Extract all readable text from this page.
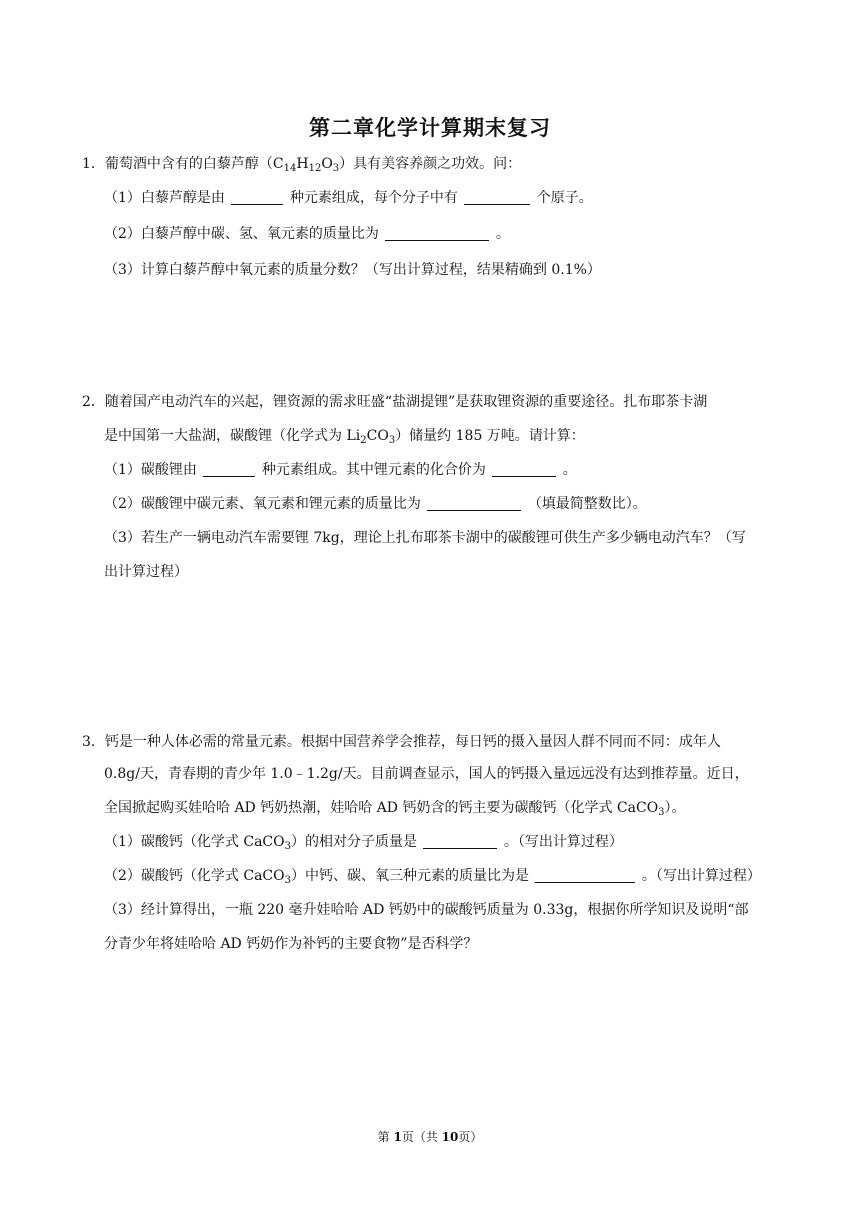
第二章化学计算期末复习
1．葡萄酒中含有的白藜芦醇$(C_{14}H_{12}O_3)$具有美容养颜之功效。问：
（1）白藜芦醇是由	种元素组成，每个分子中有	个原子。
（2）白藜芦醇中碳、氢、氧元素的质量比为	。
（3）计算白藜芦醇中氧元素的质量分数？（写出计算过程，结果精确到 0.1%）
2．随着国产电动汽车的兴起，锂资源的需求旺盛“盐湖提锂”是获取锂资源的重要途径。扎布耶茶卡湖
是中国第一大盐湖，碳酸锂（化学式为 $Li_2CO_3$）储量约 185 万吨。请计算：
（1）碳酸锂由	种元素组成。其中锂元素的化合价为	。
（2）碳酸锂中碳元素、氧元素和锂元素的质量比为	（填最简整数比）。
（3）若生产一辆电动汽车需要锂 7kg，理论上扎布耶茶卡湖中的碳酸锂可供生产多少辆电动汽车？（写
出计算过程）
3．钙是一种人体必需的常量元素。根据中国营养学会推荐，每日钙的摄入量因人群不同而不同：成年人
0.8g/天，青春期的青少年 1.0﹣1.2g/天。目前调查显示，国人的钙摄入量远远没有达到推荐量。近日，
全国掀起购买娃哈哈 AD 钙奶热潮，娃哈哈 AD 钙奶含的钙主要为碳酸钙（化学式 CaCO$_3$）。
（1）碳酸钙（化学式 CaCO$_3$）的相对分子质量是	。（写出计算过程）
（2）碳酸钙（化学式 CaCO$_3$）中钙、碳、氧三种元素的质量比为是	。（写出计算过程）
（3）经计算得出，一瓶 220 毫升娃哈哈 AD 钙奶中的碳酸钙质量为 0.33g，根据你所学知识及说明“部
分青少年将娃哈哈 AD 钙奶作为补钙的主要食物”是否科学？
第 1页（共 10页）
